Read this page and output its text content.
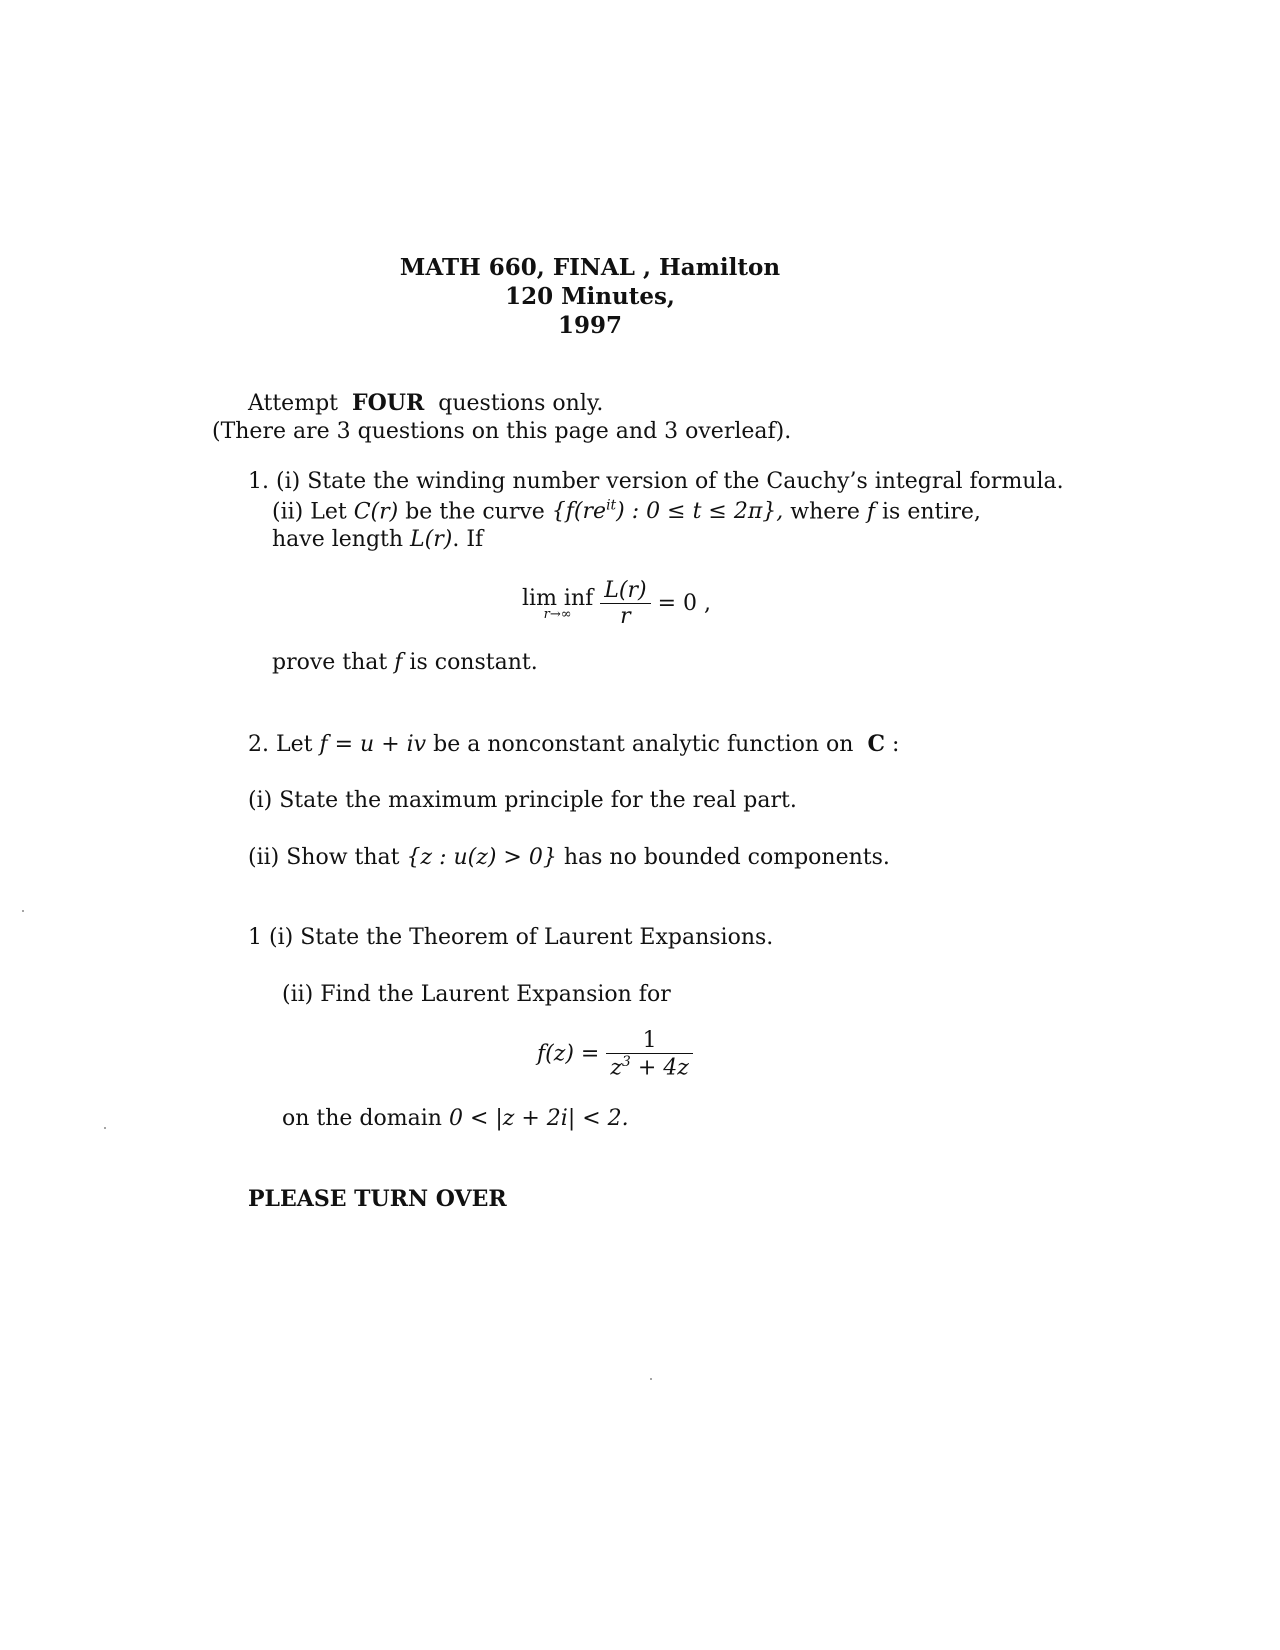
MATH 660, FINAL , Hamilton
120 Minutes,
1997
Attempt FOUR questions only.
(There are 3 questions on this page and 3 overleaf).
1. (i) State the winding number version of the Cauchy’s integral formula.
(ii) Let C(r) be the curve {$f(re^{it})$ : 0 ≤ t ≤ 2π}, where f is entire,
have length L(r). If
lim inf
r→∞
	$\frac{L(r)}{r} = 0$ ,
prove that f is constant.
2. Let f = u + iv be a nonconstant analytic function on C :
(i) State the maximum principle for the real part.
(ii) Show that {z : u(z) > 0} has no bounded components.
1 (i) State the Theorem of Laurent Expansions.
(ii) Find the Laurent Expansion for
$f(z) = \frac{1}{z^3 + 4z}$
on the domain 0 < |z + 2i| < 2.
PLEASE TURN OVER
